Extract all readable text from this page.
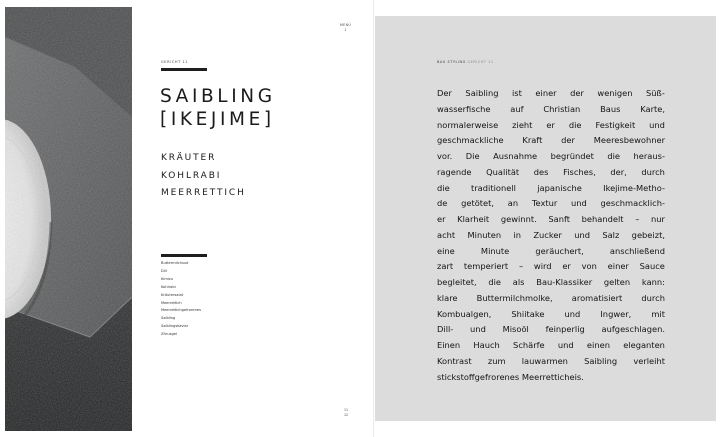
GERICHT 11
SAIBLING
[IKEJIME]
KRÄUTER
KOHLRABI
MEERRETTICH
Buttermilchsud
Dill
Kimizu
Kohlrabi
Kräutersalat
Meerrettich
Meerrettichgefrorenes
Saibling
Saiblingskaviar
Zitrusgel
MENÜ
1
11
12
BAU STYLING GERICHT 11
Der Saibling ist einer der wenigen Süß-
wasserfische auf Christian Baus Karte,
normalerweise zieht er die Festigkeit und
geschmackliche Kraft der Meeresbewohner
vor. Die Ausnahme begründet die heraus-
ragende Qualität des Fisches, der, durch
die	traditionell	japanische	Ikejime-Metho-
de getötet, an Textur und geschmacklich-
er Klarheit gewinnt. Sanft behandelt – nur
acht Minuten in Zucker und Salz gebeizt,
eine	Minute	geräuchert,	anschließend
zart temperiert – wird er von einer Sauce
begleitet, die als Bau-Klassiker gelten kann:
klare Buttermilchmolke, aromatisiert durch
Kombualgen, Shiitake und Ingwer, mit
Dill- und Misoöl feinperlig aufgeschlagen.
Einen Hauch Schärfe und einen eleganten
Kontrast zum lauwarmen Saibling verleiht
stickstoffgefrorenes Meerretticheis.
